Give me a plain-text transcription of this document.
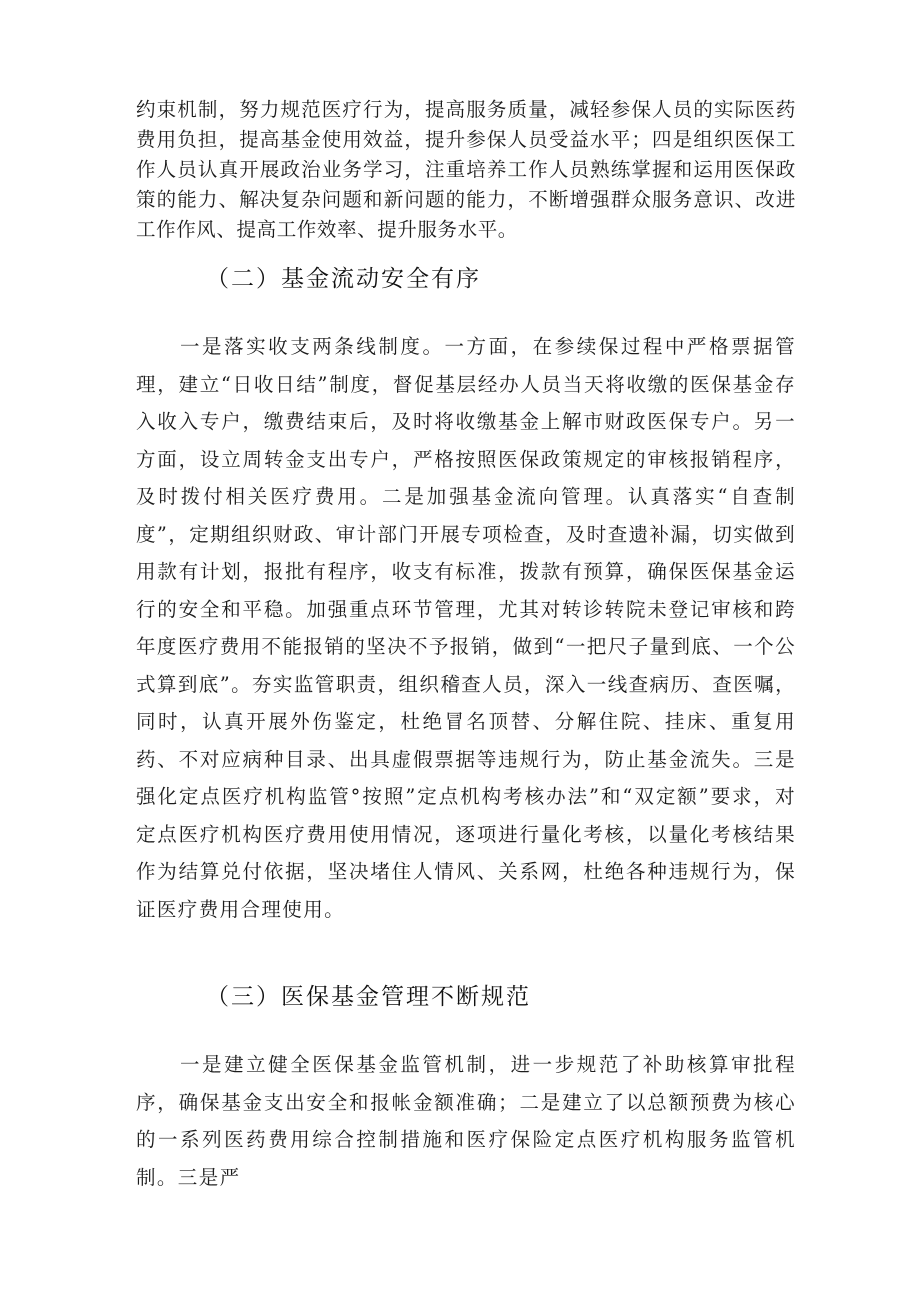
约束机制，努力规范医疗行为，提高服务质量，减轻参保人员的实际医药费用负担，提高基金使用效益，提升参保人员受益水平；四是组织医保工作人员认真开展政治业务学习，注重培养工作人员熟练掌握和运用医保政策的能力、解决复杂问题和新问题的能力，不断增强群众服务意识、改进工作作风、提高工作效率、提升服务水平。

（二）基金流动安全有序

一是落实收支两条线制度。一方面，在参续保过程中严格票据管理，建立“日收日结”制度，督促基层经办人员当天将收缴的医保基金存入收入专户，缴费结束后，及时将收缴基金上解市财政医保专户。另一方面，设立周转金支出专户，严格按照医保政策规定的审核报销程序，及时拨付相关医疗费用。二是加强基金流向管理。认真落实“自查制度”，定期组织财政、审计部门开展专项检查，及时查遗补漏，切实做到用款有计划，报批有程序，收支有标准，拨款有预算，确保医保基金运行的安全和平稳。加强重点环节管理，尤其对转诊转院未登记审核和跨年度医疗费用不能报销的坚决不予报销，做到“一把尺子量到底、一个公式算到底”。夯实监管职责，组织稽查人员，深入一线查病历、查医嘱，同时，认真开展外伤鉴定，杜绝冒名顶替、分解住院、挂床、重复用药、不对应病种目录、出具虚假票据等违规行为，防止基金流失。三是强化定点医疗机构监管°按照”定点机构考核办法”和“双定额”要求，对定点医疗机构医疗费用使用情况，逐项进行量化考核，以量化考核结果作为结算兑付依据，坚决堵住人情风、关系网，杜绝各种违规行为，保证医疗费用合理使用。

（三）医保基金管理不断规范

一是建立健全医保基金监管机制，进一步规范了补助核算审批程序，确保基金支出安全和报帐金额准确；二是建立了以总额预费为核心的一系列医药费用综合控制措施和医疗保险定点医疗机构服务监管机制。三是严
